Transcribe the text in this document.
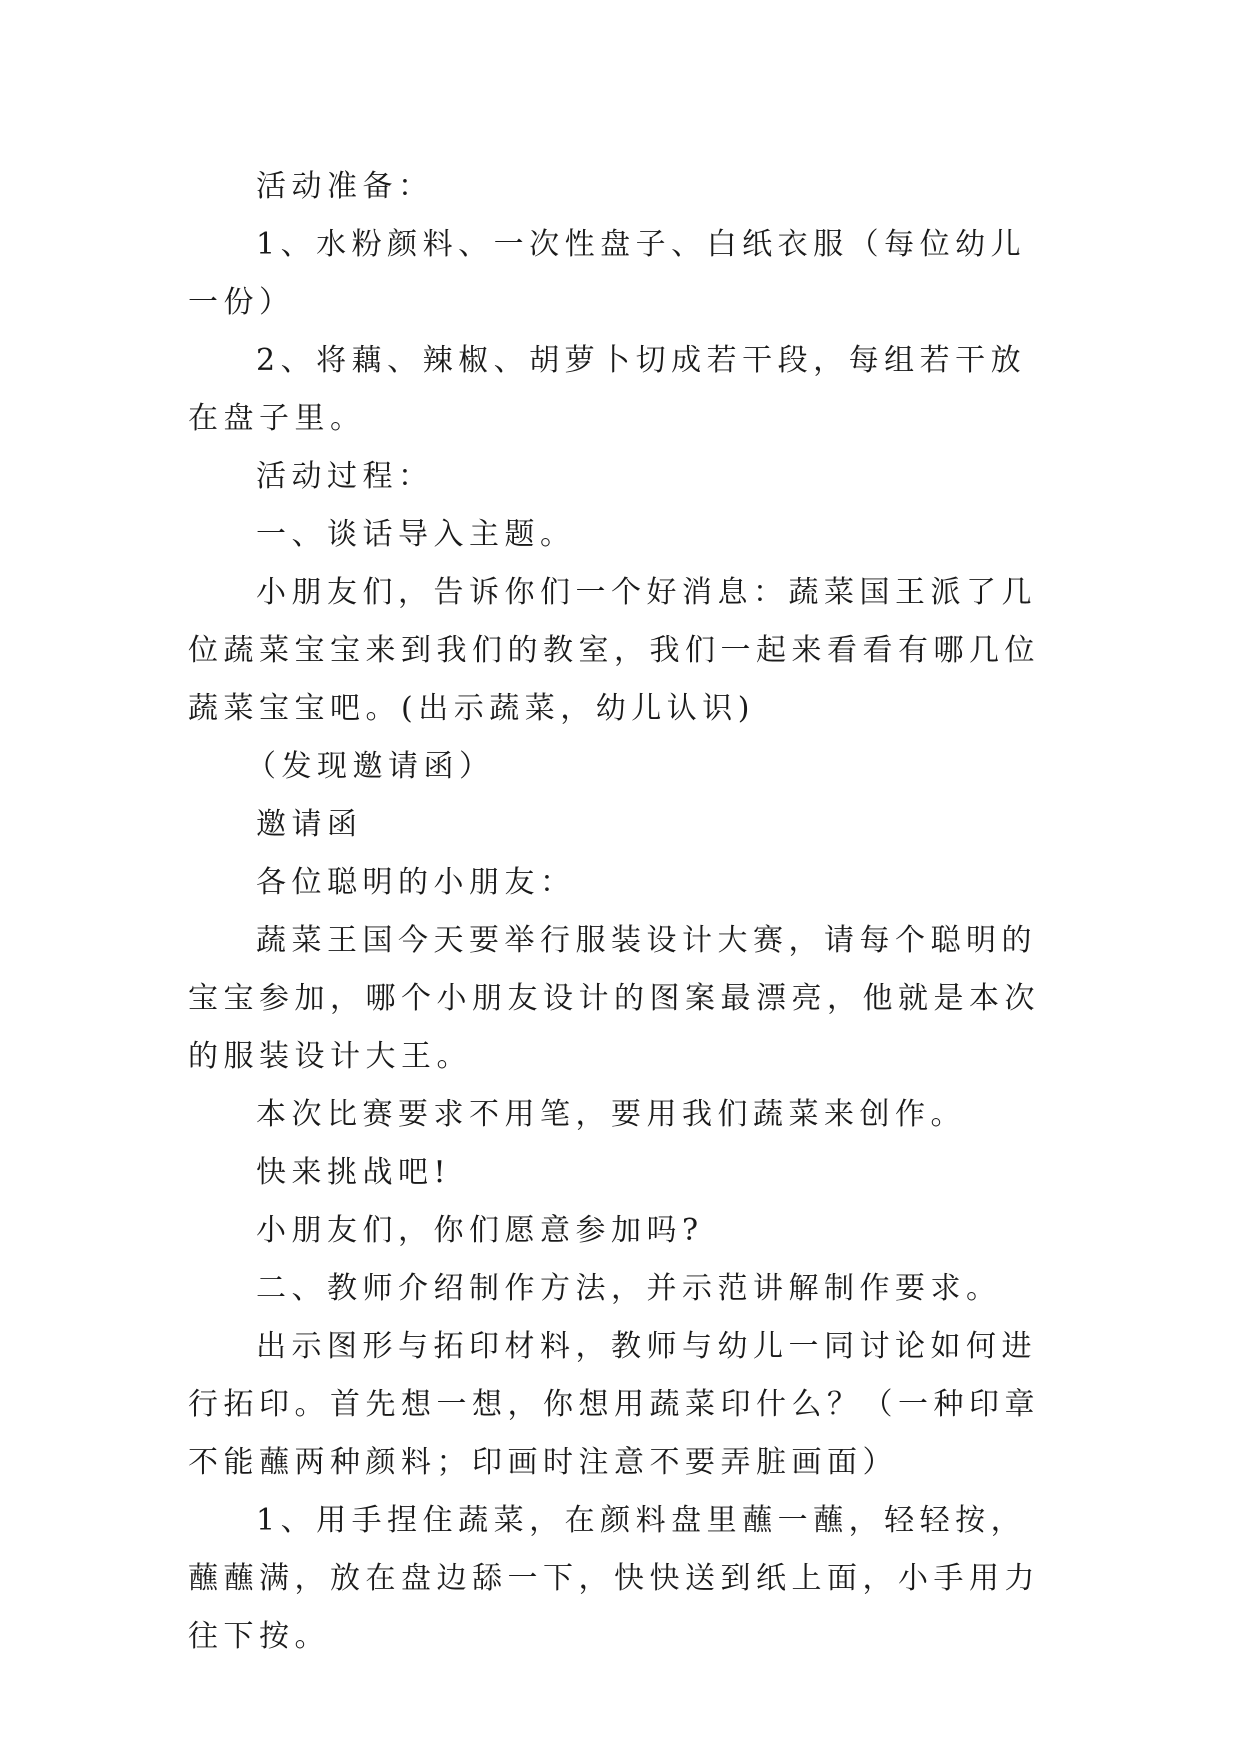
活动准备：

1、水粉颜料、一次性盘子、白纸衣服（每位幼儿一份）

2、将藕、辣椒、胡萝卜切成若干段，每组若干放在盘子里。

活动过程：

一、谈话导入主题。

小朋友们，告诉你们一个好消息：蔬菜国王派了几位蔬菜宝宝来到我们的教室，我们一起来看看有哪几位蔬菜宝宝吧。(出示蔬菜，幼儿认识)

（发现邀请函）

邀请函

各位聪明的小朋友：

蔬菜王国今天要举行服装设计大赛，请每个聪明的宝宝参加，哪个小朋友设计的图案最漂亮，他就是本次的服装设计大王。

本次比赛要求不用笔，要用我们蔬菜来创作。

快来挑战吧!

小朋友们，你们愿意参加吗?

二、教师介绍制作方法，并示范讲解制作要求。

出示图形与拓印材料，教师与幼儿一同讨论如何进行拓印。首先想一想，你想用蔬菜印什么？（一种印章不能蘸两种颜料；印画时注意不要弄脏画面）

1、用手捏住蔬菜，在颜料盘里蘸一蘸，轻轻按，蘸蘸满，放在盘边舔一下，快快送到纸上面，小手用力往下按。
